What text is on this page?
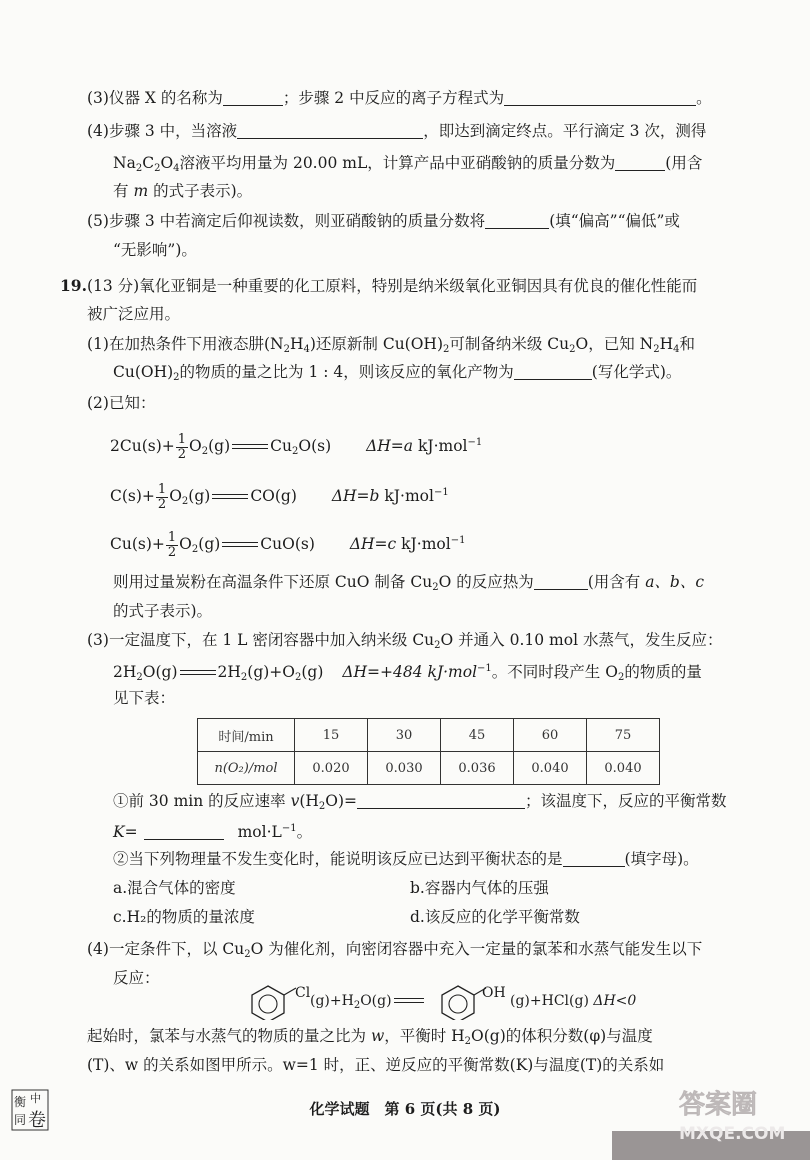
(3)仪器 X 的名称为	；步骤 2 中反应的离子方程式为	。
(4)步骤 3 中，当溶液	，即达到滴定终点。平行滴定 3 次，测得
$Na_2C_2O_4$溶液平均用量为 20.00 mL，计算产品中亚硝酸钠的质量分数为	(用含
有 m 的式子表示)。
(5)步骤 3 中若滴定后仰视读数，则亚硝酸钠的质量分数将	(填“偏高”“偏低”或
“无影响”)。
19.(13 分)氧化亚铜是一种重要的化工原料，特别是纳米级氧化亚铜因具有优良的催化性能而
被广泛应用。
(1)在加热条件下用液态肼$(N_2H_4)$还原新制 $Cu(OH)_2$可制备纳米级 $Cu_2O$，已知 $N_2H_4$和
$Cu(OH)_2$的物质的量之比为 1 : 4，则该反应的氧化产物为	(写化学式)。
(2)已知：
$2Cu(s)+ \frac{1}{2} O_2(g)$	$Cu_2O(s)$ ΔH=a kJ·mol$^{-1}$
$C(s)+ \frac{1}{2} O_2(g)$	CO(g) ΔH=b kJ·mol$^{-1}$
$Cu(s)+ \frac{1}{2} O_2(g)$	CuO(s) ΔH=c kJ·mol$^{-1}$
则用过量炭粉在高温条件下还原 CuO 制备 $Cu_2O$ 的反应热为	(用含有 a、b、c
的式子表示)。
(3)一定温度下，在 1 L 密闭容器中加入纳米级 $Cu_2O$ 并通入 0.10 mol 水蒸气，发生反应：
$2H_2O(g)$	$2H_2(g)+O_2(g)$ ΔH=+484 kJ·mol$^{-1}$。不同时段产生 $O_2$的物质的量
见下表：
时间/min	15	30	45	60	75
n(O₂)/mol	0.020	0.030	0.036	0.040	0.040
①前 30 min 的反应速率 $v(H_2O)=$	；该温度下，反应的平衡常数
K=	$mol\cdot L^{-1}$。
②当下列物理量不发生变化时，能说明该反应已达到平衡状态的是	(填字母)。
a.混合气体的密度	b.容器内气体的压强
c.H₂的物质的量浓度	d.该反应的化学平衡常数
(4)一定条件下，以 $Cu_2O$ 为催化剂，向密闭容器中充入一定量的氯苯和水蒸气能发生以下
反应：
Cl $(g)+H_2O(g)$	OH (g)+HCl(g) ΔH<0
起始时，氯苯与水蒸气的物质的量之比为 w，平衡时 $H_2O(g)$的体积分数(φ)与温度
(T)、w 的关系如图甲所示。w=1 时，正、逆反应的平衡常数(K)与温度(T)的关系如
化学试题　第 6 页(共 8 页)
衡 中
同 卷
答案圈
MXQE.COM
